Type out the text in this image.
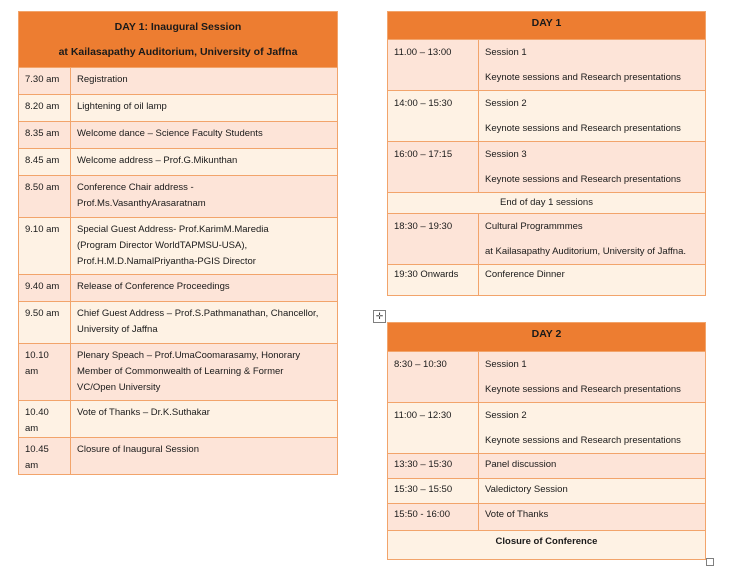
DAY 1: Inaugural Session
at Kailasapathy Auditorium, University of Jaffna	

7.30 am	Registration
8.20 am	Lightening of oil lamp
8.35 am	Welcome dance – Science Faculty Students
8.45 am	Welcome address – Prof.G.Mikunthan
8.50 am	Conference Chair address -
Prof.Ms.VasanthyArasaratnam

9.10 am	Special Guest Address- Prof.KarimM.Maredia
(Program Director WorldTAPMSU-USA),
Prof.H.M.D.NamalPriyantha-PGIS Director

9.40 am	Release of Conference Proceedings
9.50 am	Chief Guest Address – Prof.S.Pathmanathan, Chancellor,
University of Jaffna

10.10 am	Plenary Speach – Prof.UmaCoomarasamy, Honorary
Member of Commonwealth of Learning & Former
VC/Open University

10.40 am	Vote of Thanks – Dr.K.Suthakar
10.45 am	Closure of Inaugural Session
DAY 1	
11.00 – 13:00	Session 1
Keynote sessions and Research presentations

14:00 – 15:30	Session 2
Keynote sessions and Research presentations

16:00 – 17:15	Session 3
Keynote sessions and Research presentations

End of day 1 sessions	
18:30 – 19:30	Cultural Programmmes
at Kailasapathy Auditorium, University of Jaffna.

19:30 Onwards	Conference Dinner
✛
DAY 2	
8:30 – 10:30	Session 1
Keynote sessions and Research presentations

11:00 – 12:30	Session 2
Keynote sessions and Research presentations

13:30 – 15:30	Panel discussion
15:30 – 15:50	Valedictory Session
15:50 - 16:00	Vote of Thanks
Closure of Conference	
